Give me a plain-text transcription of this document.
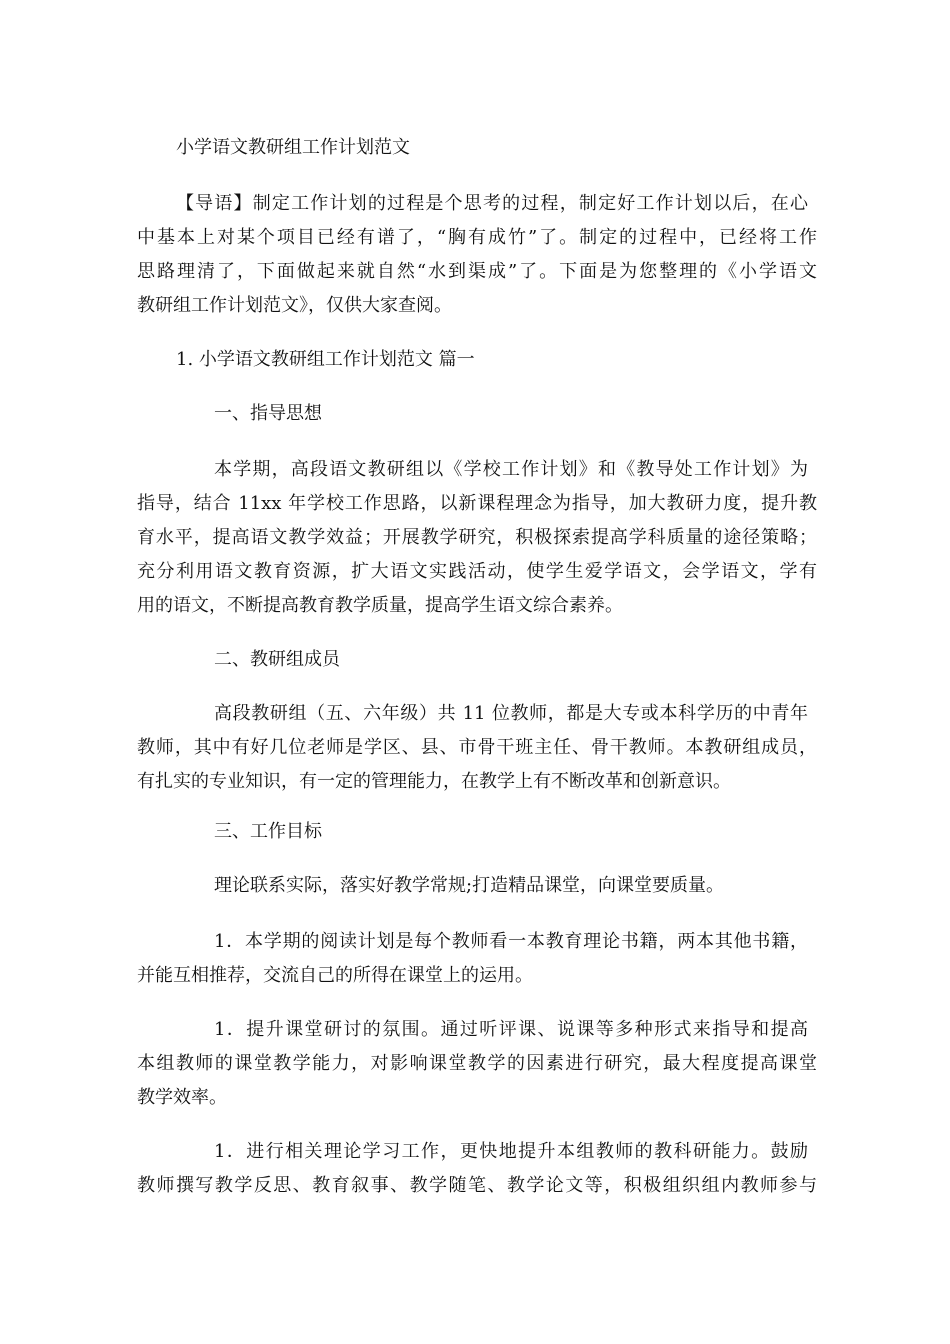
小学语文教研组工作计划范文
【导语】制定工作计划的过程是个思考的过程，制定好工作计划以后，在心
中基本上对某个项目已经有谱了，“胸有成竹”了。制定的过程中，已经将工作
思路理清了，下面做起来就自然“水到渠成”了。下面是为您整理的《小学语文
教研组工作计划范文》，仅供大家查阅。
1. 小学语文教研组工作计划范文 篇一
一、指导思想
本学期，高段语文教研组以《学校工作计划》和《教导处工作计划》为
指导，结合 11xx 年学校工作思路，以新课程理念为指导，加大教研力度，提升教
育水平，提高语文教学效益；开展教学研究，积极探索提高学科质量的途径策略；
充分利用语文教育资源，扩大语文实践活动，使学生爱学语文，会学语文，学有
用的语文，不断提高教育教学质量，提高学生语文综合素养。
二、教研组成员
高段教研组（五、六年级）共 11 位教师，都是大专或本科学历的中青年
教师，其中有好几位老师是学区、县、市骨干班主任、骨干教师。本教研组成员，
有扎实的专业知识，有一定的管理能力，在教学上有不断改革和创新意识。
三、工作目标
理论联系实际，落实好教学常规;打造精品课堂，向课堂要质量。
1．本学期的阅读计划是每个教师看一本教育理论书籍，两本其他书籍，
并能互相推荐，交流自己的所得在课堂上的运用。
1．提升课堂研讨的氛围。通过听评课、说课等多种形式来指导和提高
本组教师的课堂教学能力，对影响课堂教学的因素进行研究，最大程度提高课堂
教学效率。
1．进行相关理论学习工作，更快地提升本组教师的教科研能力。鼓励
教师撰写教学反思、教育叙事、教学随笔、教学论文等，积极组织组内教师参与
